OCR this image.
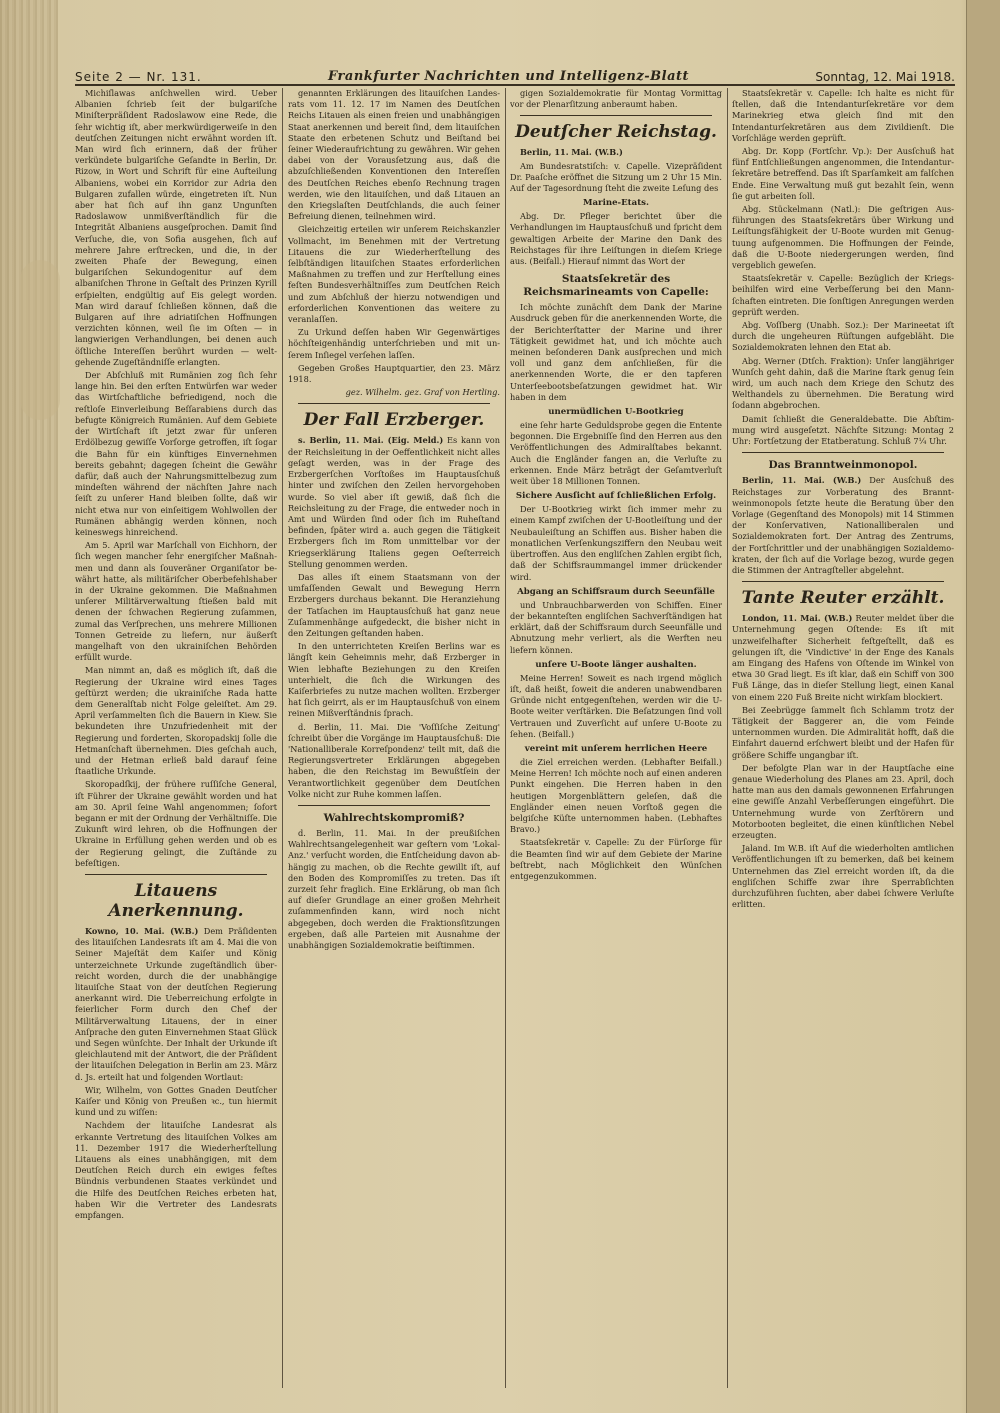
Seite 2 — Nr. 131.	Frankfurter Nachrichten und Intelligenz-Blatt	Sonntag, 12. Mai 1918.

Michiſlawas anſchwellen wird. Ueber Albanien ſchrieb ſeit der bulgariſche Miniſterpräſident Radoslawow eine Rede, die ſehr wichtig iſt, aber merkwürdigerweiſe in den deutſchen Zeitungen nicht erwähnt worden iſt. Man wird ſich erinnern, daß der früher verkündete bulgariſche Geſandte in Berlin, Dr. Rizow, in Wort und Schrift für eine Aufteilung Albaniens, wobei ein Korridor zur Adria den Bulgaren zufallen würde, eingetreten iſt. Nun aber hat ſich auf ihn ganz Ungunſten Radoslawow unmißverſtändlich für die Integrität Albaniens ausgeſprochen. Damit ſind Verſuche, die, von Sofia ausgehen, ſich auf mehrere Jahre erſtrecken, und die, in der zweiten Phaſe der Bewegung, einen bulgariſchen Sekundogenitur auf dem albaniſchen Throne in Geſtalt des Prinzen Kyrill erſpielten, endgültig auf Eis gelegt worden. Man wird darauf ſchließen können, daß die Bulgaren auf ihre adriatiſchen Hoffnungen verzichten können, weil ſie im Oſten — in langwierigen Verhandlungen, bei denen auch öſtliche Intereſſen berührt wurden — weltgehende Zugeſtändniſſe erlangten.

Der Abſchluß mit Rumänien zog ſich ſehr lange hin. Bei den erſten Entwürfen war weder das Wirtſchaftliche befriedigend, noch die reſtloſe Einverleibung Beſſarabiens durch das befugte Königreich Rumänien. Auf dem Gebiete der Wirtſchaft iſt jetzt zwar für unſeren Erdölbezug gewiſſe Vorſorge getroffen, iſt ſogar die Bahn für ein künftiges Einvernehmen bereits gebahnt; dagegen ſcheint die Gewähr dafür, daß auch der Nahrungsmittelbezug zum mindeſten während der nächſten Jahre nach ſeiſt zu unſerer Hand bleiben ſollte, daß wir nicht etwa nur von einſeitigem Wohlwollen der Rumänen abhängig werden können, noch keineswegs hinreichend.

Am 5. April war Marſchall von Eichhorn, der ſich wegen mancher ſehr energiſcher Maßnahmen und dann als ſouveräner Organiſator bewährt hatte, als militäriſcher Oberbefehlshaber in der Ukraine gekommen. Die Maßnahmen unſerer Militärverwaltung ſtießen bald mit denen der ſchwachen Regierung zuſammen, zumal das Verſprechen, uns mehrere Millionen Tonnen Getreide zu liefern, nur äußerſt mangelhaft von den ukrainiſchen Behörden erfüllt wurde.

Man nimmt an, daß es möglich iſt, daß die Regierung der Ukraine wird eines Tages geſtürzt werden; die ukrainiſche Rada hatte dem Generalſtab nicht Folge geleiſtet. Am 29. April verſammelten ſich die Bauern in Kiew. Sie bekundeten ihre Unzufriedenheit mit der Regierung und forderten, Skoropadskij ſolle die Hetmanſchaft übernehmen. Dies geſchah auch, und der Hetman erließ bald darauf ſeine ſtaatliche Urkunde.

Skoropadſkij, der frühere ruſſiſche General, iſt Führer der Ukraine gewählt worden und hat am 30. April ſeine Wahl angenommen; ſofort begann er mit der Ordnung der Verhältniſſe. Die Zukunft wird lehren, ob die Hoffnungen der Ukraine in Erfüllung gehen werden und ob es der Regierung gelingt, die Zuſtände zu befeſtigen.

Litauens Anerkennung.

Kowno, 10. Mai. (W.B.) Dem Präſidenten des litauiſchen Landesrats iſt am 4. Mai die von Seiner Majeſtät dem Kaiſer und König unterzeichnete Urkunde zugeſtändlich überreicht worden, durch die der unabhängige litauiſche Staat von der deutſchen Regierung anerkannt wird. Die Ueberreichung erfolgte in feierlicher Form durch den Chef der Militärverwaltung Litauens, der in einer Anſprache den guten Einvernehmen Staat Glück und Segen wünſchte. Der Inhalt der Urkunde iſt gleichlautend mit der Antwort, die der Präſident der litauiſchen Delegation in Berlin am 23. März d. Js. erteilt hat und folgenden Wortlaut:

Wir, Wilhelm, von Gottes Gnaden Deutſcher Kaiſer und König von Preußen ꝛc., tun hiermit kund und zu wiſſen:

Nachdem der litauiſche Landesrat als erkannte Vertretung des litauiſchen Volkes am 11. Dezember 1917 die Wiederherſtellung Litauens als eines unabhängigen, mit dem Deutſchen Reich durch ein ewiges feſtes Bündnis verbundenen Staates verkündet und die Hilfe des Deutſchen Reiches erbeten hat, haben Wir die Vertreter des Landesrats empfangen.

genannten Erklärungen des litauiſchen Landesrats vom 11. 12. 17 im Namen des Deutſchen Reichs Litauen als einen freien und unabhängigen Staat anerkennen und bereit ſind, dem litauiſchen Staate den erbetenen Schutz und Beiſtand bei ſeiner Wiederaufrichtung zu gewähren. Wir gehen dabei von der Vorausſetzung aus, daß die abzuſchließenden Konventionen den Intereſſen des Deutſchen Reiches ebenſo Rechnung tragen werden, wie den litauiſchen, und daß Litauen an den Kriegslaſten Deutſchlands, die auch ſeiner Befreiung dienen, teilnehmen wird.

Gleichzeitig erteilen wir unſerem Reichskanzler Vollmacht, im Benehmen mit der Vertretung Litauens die zur Wiederherſtellung des ſelbſtändigen litauiſchen Staates erforderlichen Maßnahmen zu treffen und zur Herſtellung eines feſten Bundesverhältniſſes zum Deutſchen Reich und zum Abſchluß der hierzu notwendigen und erforderlichen Konventionen das weitere zu veranlaſſen.

Zu Urkund deſſen haben Wir Gegenwärtiges höchſteigenhändig unterſchrieben und mit unſerem Inſiegel verſehen laſſen.

Gegeben Großes Hauptquartier, den 23. März 1918.

gez. Wilhelm. gez. Graf von Hertling.
Der Fall Erzberger.

s. Berlin, 11. Mai. (Eig. Meld.) Es kann von der Reichsleitung in der Oeffentlichkeit nicht alles geſagt werden, was in der Frage des Erzbergerſchen Vorſtoßes im Hauptausſchuß hinter und zwiſchen den Zeilen hervorgehoben wurde. So viel aber iſt gewiß, daß ſich die Reichsleitung zu der Frage, die entweder noch in Amt und Würden ſind oder ſich im Ruheſtand befinden, ſpäter wird a. auch gegen die Tätigkeit Erzbergers ſich im Rom unmittelbar vor der Kriegserklärung Italiens gegen Oeſterreich Stellung genommen werden.

Das alles iſt einem Staatsmann von der umfaſſenden Gewalt und Bewegung Herrn Erzbergers durchaus bekannt. Die Heranziehung der Tatſachen im Hauptausſchuß hat ganz neue Zuſammenhänge aufgedeckt, die bisher nicht in den Zeitungen geſtanden haben.

In den unterrichteten Kreiſen Berlins war es längſt kein Geheimnis mehr, daß Erzberger in Wien lebhafte Beziehungen zu den Kreiſen unterhielt, die ſich die Wirkungen des Kaiſerbriefes zu nutze machen wollten. Erzberger hat ſich geirrt, als er im Hauptausſchuß von einem reinen Mißverſtändnis ſprach.

d. Berlin, 11. Mai. Die 'Voſſiſche Zeitung' ſchreibt über die Vorgänge im Hauptausſchuß: Die 'Nationalliberale Korreſpondenz' teilt mit, daß die Regierungsvertreter Erklärungen abgegeben haben, die den Reichstag im Bewußtſein der Verantwortlichkeit gegenüber dem Deutſchen Volke nicht zur Ruhe kommen laſſen.

Wahlrechtskompromiß?

d. Berlin, 11. Mai. In der preußiſchen Wahlrechtsangelegenheit war geſtern vom 'Lokal-Anz.' verſucht worden, die Entſcheidung davon abhängig zu machen, ob die Rechte gewillt iſt, auf den Boden des Kompromiſſes zu treten. Das iſt zurzeit ſehr fraglich. Eine Erklärung, ob man ſich auf dieſer Grundlage an einer großen Mehrheit zuſammenfinden kann, wird noch nicht abgegeben, doch werden die Fraktionsſitzungen ergeben, daß alle Parteien mit Ausnahme der unabhängigen Sozialdemokratie beiſtimmen.

gigen Sozialdemokratie für Montag Vormittag vor der Plenarſitzung anberaumt haben.

Deutſcher Reichstag.

Berlin, 11. Mai. (W.B.)

Am Bundesratstiſch: v. Capelle. Vizepräſident Dr. Paaſche eröffnet die Sitzung um 2 Uhr 15 Min. Auf der Tagesordnung ſteht die zweite Leſung des

Marine-Etats.

Abg. Dr. Pfleger berichtet über die Verhandlungen im Hauptausſchuß und ſpricht dem gewaltigen Arbeite der Marine den Dank des Reichstages für ihre Leiſtungen in dieſem Kriege aus. (Beifall.) Hierauf nimmt das Wort der

Staatsſekretär des Reichsmarineamts von Capelle:

Ich möchte zunächſt dem Dank der Marine Ausdruck geben für die anerkennenden Worte, die der Berichterſtatter der Marine und ihrer Tätigkeit gewidmet hat, und ich möchte auch meinen beſonderen Dank ausſprechen und mich voll und ganz dem anſchließen, für die anerkennenden Worte, die er den tapferen Unterſeebootsbeſatzungen gewidmet hat. Wir haben in dem

unermüdlichen U-Bootkrieg

eine ſehr harte Geduldsprobe gegen die Entente begonnen. Die Ergebniſſe ſind den Herren aus den Veröffentlichungen des Admiralſtabes bekannt. Auch die Engländer fangen an, die Verluſte zu erkennen. Ende März beträgt der Geſamtverluſt weit über 18 Millionen Tonnen.

Sichere Ausſicht auf ſchließlichen Erfolg.

Der U-Bootkrieg wirkt ſich immer mehr zu einem Kampf zwiſchen der U-Bootleiſtung und der Neubauleiſtung an Schiffen aus. Bisher haben die monatlichen Verſenkungsziffern den Neubau weit übertroffen. Aus den engliſchen Zahlen ergibt ſich, daß der Schiffsraummangel immer drückender wird.

Abgang an Schiffsraum durch Seeunfälle

und Unbrauchbarwerden von Schiffen. Einer der bekannteſten engliſchen Sachverſtändigen hat erklärt, daß der Schiffsraum durch Seeunfälle und Abnutzung mehr verliert, als die Werften neu liefern können.

unſere U-Boote länger aushalten.

Meine Herren! Soweit es nach irgend möglich iſt, daß heißt, ſoweit die anderen unabwendbaren Gründe nicht entgegenſtehen, werden wir die U-Boote weiter verſtärken. Die Beſatzungen ſind voll Vertrauen und Zuverſicht auf unſere U-Boote zu ſehen. (Beifall.)

vereint mit unſerem herrlichen Heere

die Ziel erreichen werden. (Lebhafter Beifall.) Meine Herren! Ich möchte noch auf einen anderen Punkt eingehen. Die Herren haben in den heutigen Morgenblättern geleſen, daß die Engländer einen neuen Vorſtoß gegen die belgiſche Küſte unternommen haben. (Lebhaftes Bravo.)

Staatsſekretär v. Capelle: Zu der Fürſorge für die Beamten ſind wir auf dem Gebiete der Marine beſtrebt, nach Möglichkeit den Wünſchen entgegenzukommen.

Staatsſekretär v. Capelle: Ich halte es nicht für ſtellen, daß die Intendanturſekretäre vor dem Marinekrieg etwa gleich ſind mit den Intendanturſekretären aus dem Zivildienſt. Die Vorſchläge werden geprüft.

Abg. Dr. Kopp (Fortſchr. Vp.): Der Ausſchuß hat fünf Entſchließungen angenommen, die Intendanturſekretäre betreffend. Das iſt Sparſamkeit am falſchen Ende. Eine Verwaltung muß gut bezahlt ſein, wenn ſie gut arbeiten ſoll.

Abg. Stückelmann (Natl.): Die geſtrigen Ausführungen des Staatsſekretärs über Wirkung und Leiſtungsfähigkeit der U-Boote wurden mit Genugtuung aufgenommen. Die Hoffnungen der Feinde, daß die U-Boote niedergerungen werden, ſind vergeblich geweſen.

Staatsſekretär v. Capelle: Bezüglich der Kriegsbeihilfen wird eine Verbeſſerung bei den Mannſchaften eintreten. Die ſonſtigen Anregungen werden geprüft werden.

Abg. Voſſberg (Unabh. Soz.): Der Marineetat iſt durch die ungeheuren Rüſtungen aufgebläht. Die Sozialdemokraten lehnen den Etat ab.

Abg. Werner (Dtſch. Fraktion): Unſer langjähriger Wunſch geht dahin, daß die Marine ſtark genug ſein wird, um auch nach dem Kriege den Schutz des Welthandels zu übernehmen. Die Beratung wird ſodann abgebrochen.

Damit ſchließt die Generaldebatte. Die Abſtimmung wird ausgeſetzt. Nächſte Sitzung: Montag 2 Uhr: Fortſetzung der Etatberatung. Schluß 7¼ Uhr.

Das Branntweinmonopol.

Berlin, 11. Mai. (W.B.) Der Ausſchuß des Reichstages zur Vorberatung des Branntweinmonopols ſetzte heute die Beratung über den Vorlage (Gegenſtand des Monopols) mit 14 Stimmen der Konſervativen, Nationalliberalen und Sozialdemokraten fort. Der Antrag des Zentrums, der Fortſchrittler und der unabhängigen Sozialdemokraten, der ſich auf die Vorlage bezog, wurde gegen die Stimmen der Antragſteller abgelehnt.

Tante Reuter erzählt.

London, 11. Mai. (W.B.) Reuter meldet über die Unternehmung gegen Oſtende: Es iſt mit unzweifelhafter Sicherheit feſtgeſtellt, daß es gelungen iſt, die 'Vindictive' in der Enge des Kanals am Eingang des Hafens von Oſtende im Winkel von etwa 30 Grad liegt. Es iſt klar, daß ein Schiff von 300 Fuß Länge, das in dieſer Stellung liegt, einen Kanal von einem 220 Fuß Breite nicht wirkſam blockiert.

Bei Zeebrügge ſammelt ſich Schlamm trotz der Tätigkeit der Baggerer an, die vom Feinde unternommen wurden. Die Admiralität hofft, daß die Einfahrt dauernd erſchwert bleibt und der Hafen für größere Schiffe ungangbar iſt.

Der befolgte Plan war in der Hauptſache eine genaue Wiederholung des Planes am 23. April, doch hatte man aus den damals gewonnenen Erfahrungen eine gewiſſe Anzahl Verbeſſerungen eingeführt. Die Unternehmung wurde von Zerſtörern und Motorbooten begleitet, die einen künſtlichen Nebel erzeugten.

Jaland. Im W.B. iſt Auf die wiederholten amtlichen Veröffentlichungen iſt zu bemerken, daß bei keinem Unternehmen das Ziel erreicht worden iſt, da die engliſchen Schiffe zwar ihre Sperrabſichten durchzuführen ſuchten, aber dabei ſchwere Verluſte erlitten.
